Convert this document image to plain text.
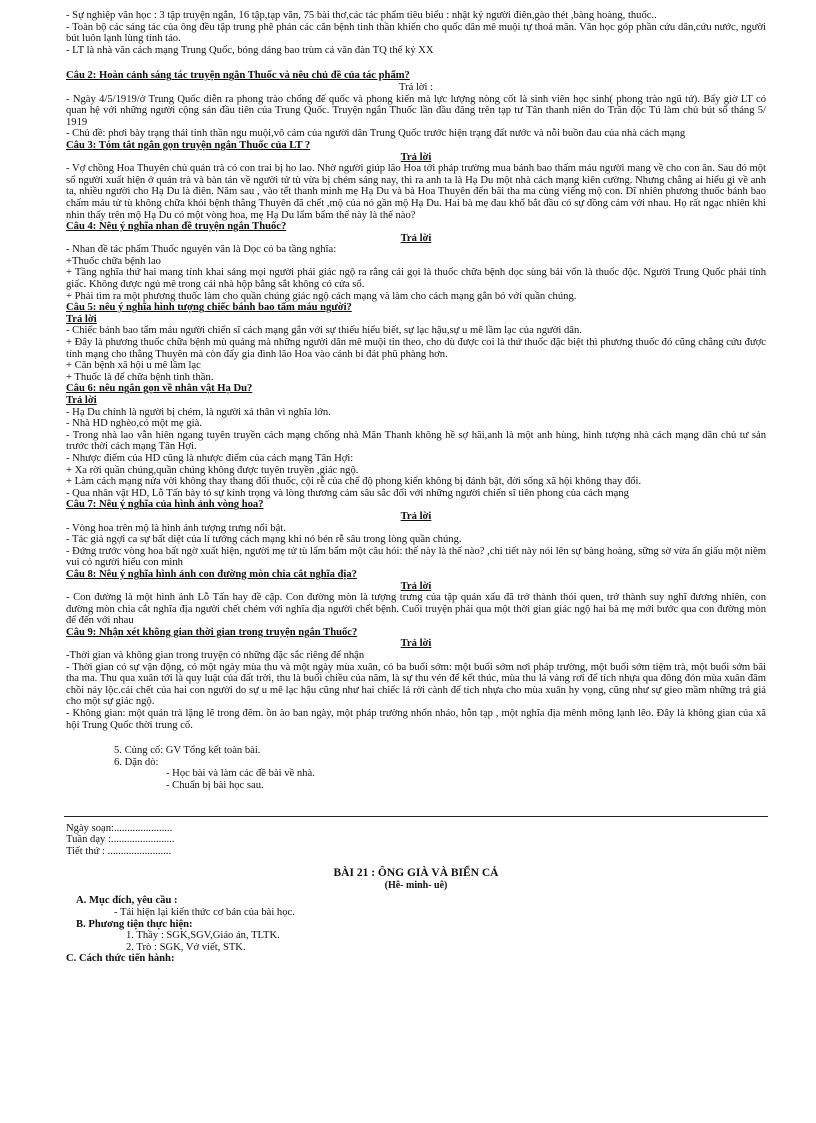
- Sự nghiệp văn học : 3 tập truyện ngắn, 16 tập,tạp văn, 75 bài thơ,các tác phẩm tiêu biểu : nhật ký người điên,gào thét ,bàng hoàng, thuốc..

- Toàn bộ các sáng tác của ông đều tập trung phê phán các căn bệnh tinh thần khiến cho quốc dân mê muội tự thoả mãn. Văn học góp phần cứu dân,cứu nước, người bút luôn lạnh lùng tỉnh táo.

- LT là nhà văn cách mạng Trung Quốc, bóng dáng bao trùm cả văn đàn TQ thế kỷ XX

Câu 2: Hoàn cảnh sáng tác truyện ngắn Thuốc và nêu chủ đề của tác phẩm?

Trả lời :

- Ngày 4/5/1919/ở Trung Quốc diễn ra phong trào chống đế quốc và phong kiến mà lực lượng nòng cốt là sinh viên học sinh( phong trào ngũ tứ). Bấy giờ LT có quan hệ với những người cộng sản đầu tiên của Trung Quốc. Truyện ngắn Thuốc lần đầu đăng trên tạp tư Tân thanh niên do Trần độc Tú làm chủ bút số tháng 5/ 1919

- Chủ đề: phơi bày trạng thái tinh thần ngu muội,vô cảm của người dân Trung Quốc trước hiện trạng đất nước và nỗi buồn đau của nhà cách mạng

Câu 3: Tóm tắt ngắn gọn truyện ngắn Thuốc của LT ?

Trả lời

- Vợ chồng Hoa Thuyên chủ quán trà có con trai bị ho lao. Nhờ người giúp lão Hoa tới pháp trường mua bánh bao thấm máu người mang về cho con ăn. Sau đó một số người xuất hiện ở quán trà và bàn tán về người tử tù vừa bị chém sáng nay, thì ra anh ta là Hạ Du một nhà cách mạng kiên cường. Nhưng chẳng ai hiểu gì về anh ta, nhiều người cho Hạ Du là điên. Năm sau , vào tết thanh minh mẹ Hạ Du và bà Hoa Thuyên đến bãi tha ma cùng viếng mộ con. Dĩ nhiên phương thuốc bánh bao chấm máu tử tù không chữa khỏi bệnh thằng Thuyên đã chết ,mộ của nó gần mộ Hạ Du. Hai bà mẹ đau khổ bắt đầu có sự đồng cảm với nhau. Họ rất ngạc nhiên khi nhìn thấy trên mộ Hạ Du có một vòng hoa, mẹ Hạ Du lẩm bẩm thế này là thế nào?

Câu 4: Nêu ý nghĩa nhan đề truyện ngắn Thuốc?

Trả lời

- Nhan đề tác phẩm Thuốc nguyên văn là Dọc có ba tầng nghĩa:

+Thuốc chữa bệnh lao

+ Tầng nghĩa thứ hai mang tính khai sáng mọi người phải giác ngộ ra rằng cái gọi là thuốc chữa bệnh dọc sùng bái vốn là thuốc độc. Người Trung Quốc phải tỉnh giấc. Không được ngủ mê trong cái nhà hộp bằng sắt không có cửa sổ.

+ Phải tìm ra một phương thuốc làm cho quần chúng giác ngộ cách mạng và làm cho cách mạng gắn bó với quần chúng.

Câu 5: nêu ý nghĩa hình tượng chiếc bánh bao tẩm máu người?

Trả lời

- Chiếc bánh bao tẩm máu người chiến sĩ cách mạng gắn với sự thiếu hiểu biết, sự lạc hậu,sự u mê lầm lạc của người dân.

+ Đây là phương thuốc chữa bệnh mù quáng mà những người dân mê muội tin theo, cho dù được coi là thứ thuốc đặc biệt thì phương thuốc đó cũng chẳng cứu được tính mạng cho thằng Thuyên mà còn đẩy gia đình lão Hoa vào cảnh bi đát phũ phàng hơn.

+ Căn bệnh xã hội u mê lầm lạc

+ Thuốc là để chữa bệnh tinh thần.

Câu 6: nêu ngắn gọn về nhân vật Hạ Du?

Trả lời

- Hạ Du chính là người bị chém, là người xả thân vì nghĩa lớn.

- Nhà HD nghèo,có một mẹ già.

- Trong nhà lao vẫn hiên ngang tuyên truyền cách mạng chống nhà Mãn Thanh không hề sợ hãi,anh là một anh hùng, hình tượng nhà cách mạng dân chủ tư sản trước thời cách mạng Tân Hợi.

- Nhược điểm của HD cũng là nhược điểm của cách mạng Tân Hợi:

+ Xa rời quần chúng,quần chúng không được tuyên truyền ,giác ngộ.

+ Làm cách mạng nửa vời không thay thang đổi thuốc, cội rễ của chế độ phong kiến không bị đánh bật, đời sống xã hội không thay đổi.

- Qua nhân vật HD, Lỗ Tấn bày tỏ sự kính trọng và lòng thương cảm sâu sắc đối với những người chiến sĩ tiên phong của cách mạng

Câu 7: Nêu ý nghĩa của hình ảnh vòng hoa?

Trả lời

- Vòng hoa trên mộ là hình ảnh tượng trưng nổi bật.

- Tác giả ngợi ca sự bất diệt của lí tưởng cách mạng khi nó bén rễ sâu trong lòng quần chúng.

- Đứng trước vòng hoa bất ngờ xuất hiện, người mẹ tử tù lẩm bẩm một câu hỏi: thế này là thế nào? ,chi tiết này nói lên sự bàng hoàng, sững sờ vừa ẩn giấu một niềm vui có người hiểu con mình

Câu 8: Nêu ý nghĩa hình ảnh con đường mòn chia cắt nghĩa địa?

Trả lời

- Con đường là một hình ảnh Lỗ Tấn hay đề cập. Con đường mòn là tượng trưng của tập quán xấu đã trở thành thói quen, trở thành suy nghĩ đương nhiên, con đường mòn chia cắt nghĩa địa người chết chém với nghĩa địa người chết bệnh. Cuối truyện phải qua một thời gian giác ngộ hai bà mẹ mới bước qua con đường mòn để đến với nhau

Câu 9: Nhận xét không gian thời gian trong truyện ngắn Thuốc?

Trả lời

-Thời gian và không gian trong truyện có những đặc sắc riêng để nhận

- Thời gian có sự vận động, có một ngày mùa thu và một ngày mùa xuân, có ba buổi sớm: một buổi sớm nơi pháp trường, một buổi sớm tiệm trà, một buổi sớm bãi tha ma. Thu qua xuân tới là quy luật của đất trời, thu là buổi chiều của năm, là sự thu vén để kết thúc, mùa thu lá vàng rơi để tích nhựa qua đông đón mùa xuân đâm chồi nảy lộc.cái chết của hai con người do sự u mê lạc hậu cũng như hai chiếc lá rời cành để tích nhựa cho mùa xuân hy vọng, cũng như sự gieo mầm những trả giá cho một sự giác ngộ.

- Không gian: một quán trà lặng lẽ trong đêm. ồn ào ban ngày, một pháp trường nhốn nháo, hỗn tạp , một nghĩa địa mênh mông lạnh lẽo. Đây là không gian của xã hội Trung Quốc thời trung cổ.

5. Củng cố: GV Tổng kết toàn bài.

6. Dặn dò:

- Học bài và làm các đề bài về nhà.

- Chuẩn bị bài học sau.

Ngày soạn:......................

Tuần dạy :........................

Tiết thứ : ........................

BÀI 21 : ÔNG GIÀ VÀ BIỂN CẢ

(Hê- minh- uê)

A. Mục đích, yêu cầu :

- Tái hiện lại kiến thức cơ bản của bài học.

B. Phương tiện thực hiện:

1. Thầy : SGK,SGV,Giáo án, TLTK.

2. Trò : SGK, Vở viết, STK.

C. Cách thức tiến hành:
